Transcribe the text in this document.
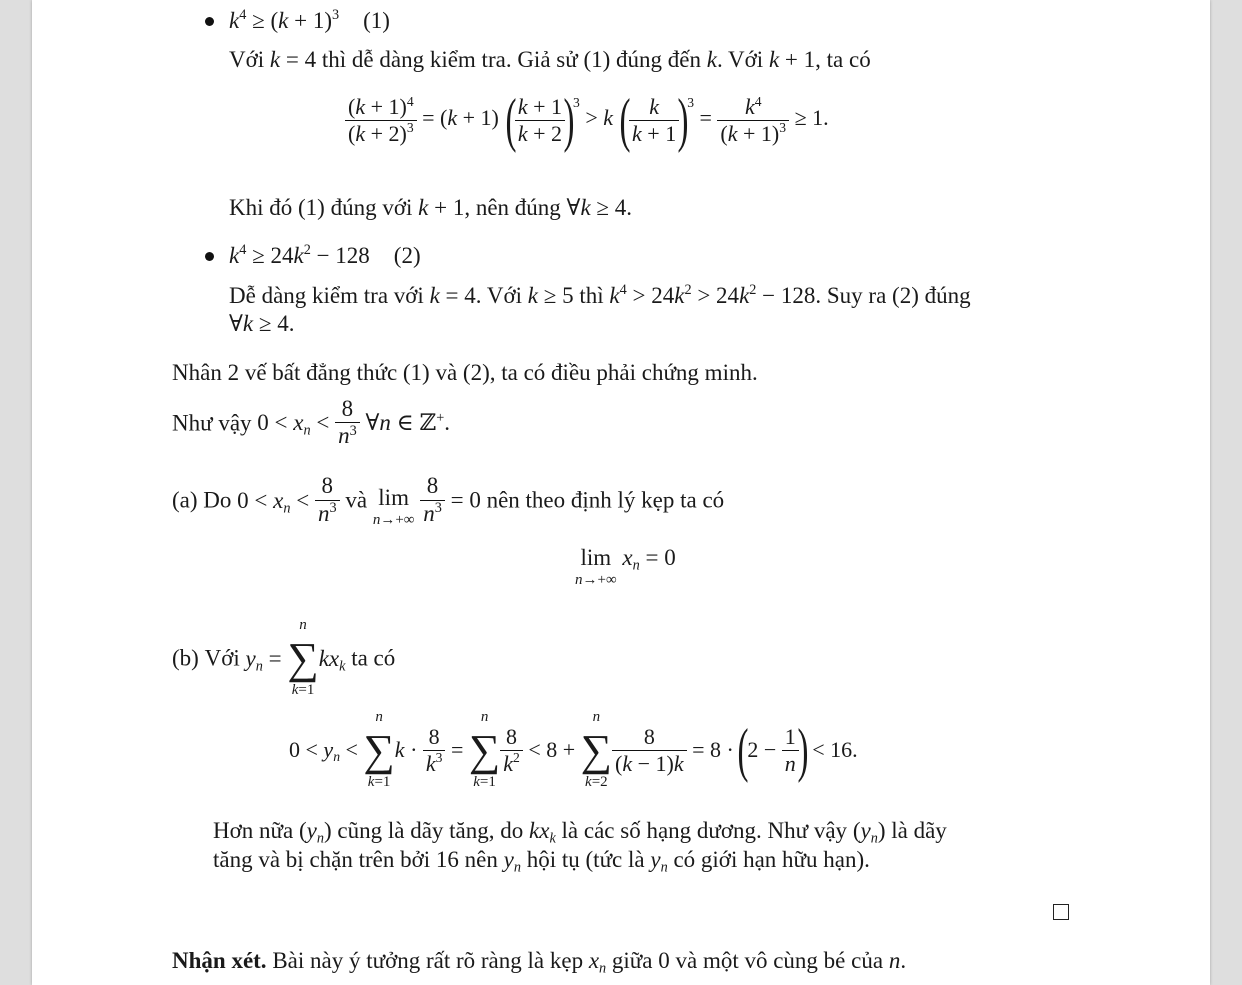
$k^4 \ge (k + 1)^3$ (1)
Với k = 4 thì dễ dàng kiểm tra. Giả sử (1) đúng đến k. Với k + 1, ta có
$\frac{(k + 1)^4}{(k + 2)^3} = (k + 1)$ (
$\frac{k + 1}{k + 2}$
)$^3$ > k (
$\frac{k}{k + 1}$
)$^3 = \frac{k^4}{(k + 1)^3} \ge 1$.
Khi đó (1) đúng với k + 1, nên đúng ∀k ≥ 4.
$k^4 \ge 24k^2 - 128$ (2)
Dễ dàng kiểm tra với k = 4. Với k ≥ 5 thì $k^4 > 24k^2 > 24k^2 - 128$. Suy ra (2) đúng
∀k ≥ 4.
Nhân 2 vế bất đẳng thức (1) và (2), ta có điều phải chứng minh.
Như vậy $0 < x_n < \frac{8}{n^3}$ ∀n ∈ ℤ+.
(a) Do $0 < x_n < \frac{8}{n^3}$ và lim
n→+∞
$\frac{8}{n^3} = 0$ nên theo định lý kẹp ta có
lim
n→+∞
$x_n = 0$
(b) Với $y_n$ =
n
∑
k=1
$kx_k$ ta có
$0 < y_n$ <
n
∑
k=1
$k \cdot \frac{8}{k^3}$ =
n
∑
k=1
$\frac{8}{k^2} < 8$ +
n
∑
k=2
$\frac{8}{(k - 1)k} = 8 \cdot (2 - \frac{1}{n}$
) < 16.
Hơn nữa $(y_n)$ cũng là dãy tăng, do $kx_k$ là các số hạng dương. Như vậy $(y_n)$ là dãy
tăng và bị chặn trên bởi 16 nên $y_n$ hội tụ (tức là $y_n$ có giới hạn hữu hạn).
Nhận xét. Bài này ý tưởng rất rõ ràng là kẹp $x_n$ giữa 0 và một vô cùng bé của n.
